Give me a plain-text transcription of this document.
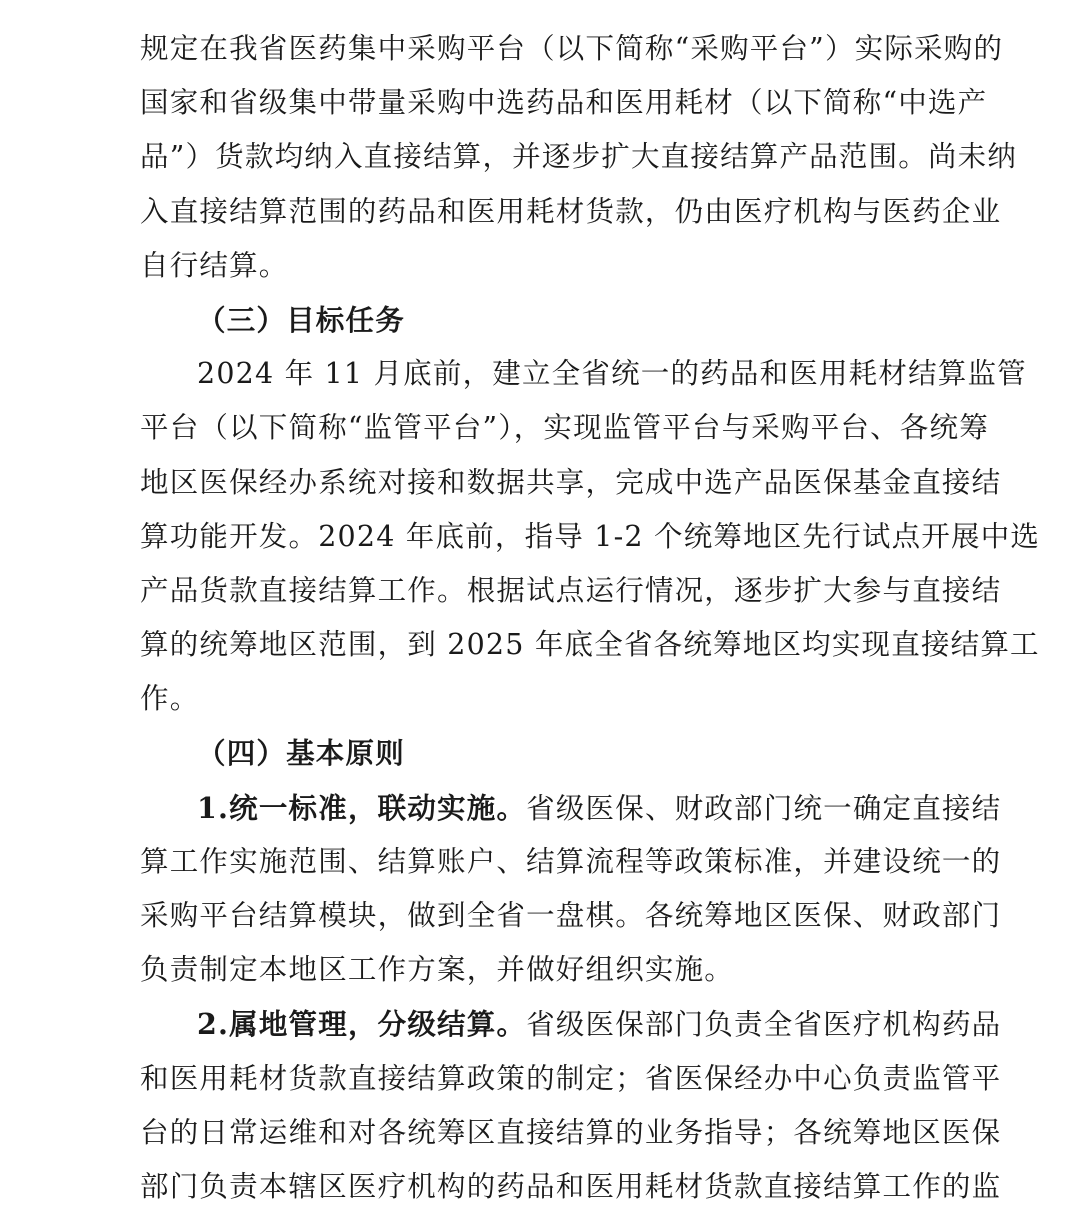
规定在我省医药集中采购平台（以下简称“采购平台”）实际采购的
国家和省级集中带量采购中选药品和医用耗材（以下简称“中选产
品”）货款均纳入直接结算，并逐步扩大直接结算产品范围。尚未纳
入直接结算范围的药品和医用耗材货款，仍由医疗机构与医药企业
自行结算。
（三）目标任务
2024 年 11 月底前，建立全省统一的药品和医用耗材结算监管
平台（以下简称“监管平台”），实现监管平台与采购平台、各统筹
地区医保经办系统对接和数据共享，完成中选产品医保基金直接结
算功能开发。2024 年底前，指导 1-2 个统筹地区先行试点开展中选
产品货款直接结算工作。根据试点运行情况，逐步扩大参与直接结
算的统筹地区范围，到 2025 年底全省各统筹地区均实现直接结算工
作。
（四）基本原则
1.统一标准，联动实施。省级医保、财政部门统一确定直接结
算工作实施范围、结算账户、结算流程等政策标准，并建设统一的
采购平台结算模块，做到全省一盘棋。各统筹地区医保、财政部门
负责制定本地区工作方案，并做好组织实施。
2.属地管理，分级结算。省级医保部门负责全省医疗机构药品
和医用耗材货款直接结算政策的制定；省医保经办中心负责监管平
台的日常运维和对各统筹区直接结算的业务指导；各统筹地区医保
部门负责本辖区医疗机构的药品和医用耗材货款直接结算工作的监
